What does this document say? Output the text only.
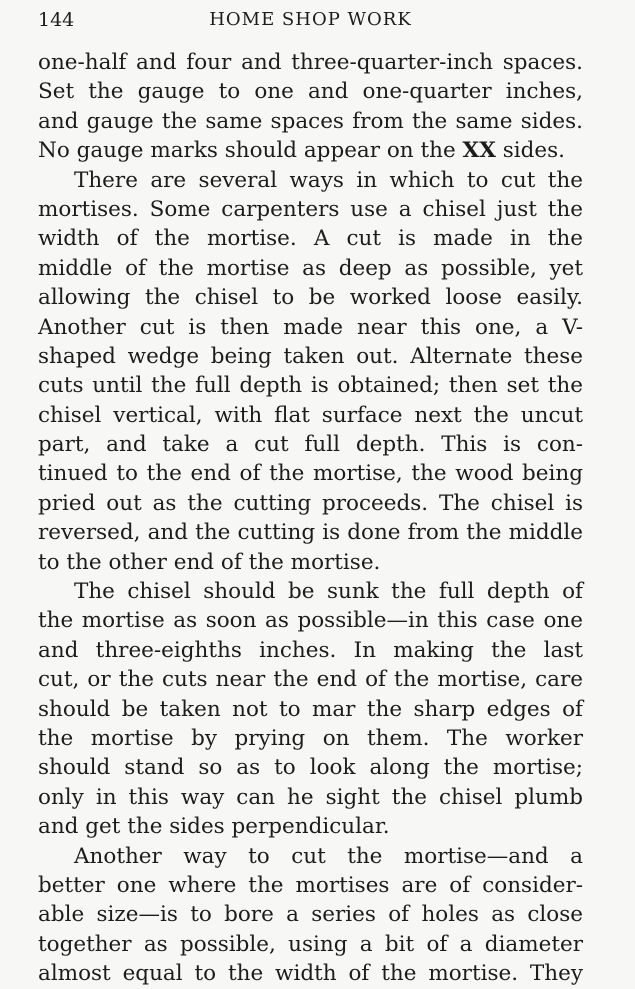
144	HOME SHOP WORK
one-half and four and three-quarter-inch spaces.
Set the gauge to one and one-quarter inches,
and gauge the same spaces from the same sides.
No gauge marks should appear on the XX sides.
There are several ways in which to cut the
mortises. Some carpenters use a chisel just the
width of the mortise. A cut is made in the
middle of the mortise as deep as possible, yet
allowing the chisel to be worked loose easily.
Another cut is then made near this one, a V-
shaped wedge being taken out. Alternate these
cuts until the full depth is obtained; then set the
chisel vertical, with flat surface next the uncut
part, and take a cut full depth. This is con-
tinued to the end of the mortise, the wood being
pried out as the cutting proceeds. The chisel is
reversed, and the cutting is done from the middle
to the other end of the mortise.
The chisel should be sunk the full depth of
the mortise as soon as possible—in this case one
and three-eighths inches. In making the last
cut, or the cuts near the end of the mortise, care
should be taken not to mar the sharp edges of
the mortise by prying on them. The worker
should stand so as to look along the mortise;
only in this way can he sight the chisel plumb
and get the sides perpendicular.
Another way to cut the mortise—and a
better one where the mortises are of consider-
able size—is to bore a series of holes as close
together as possible, using a bit of a diameter
almost equal to the width of the mortise. They
